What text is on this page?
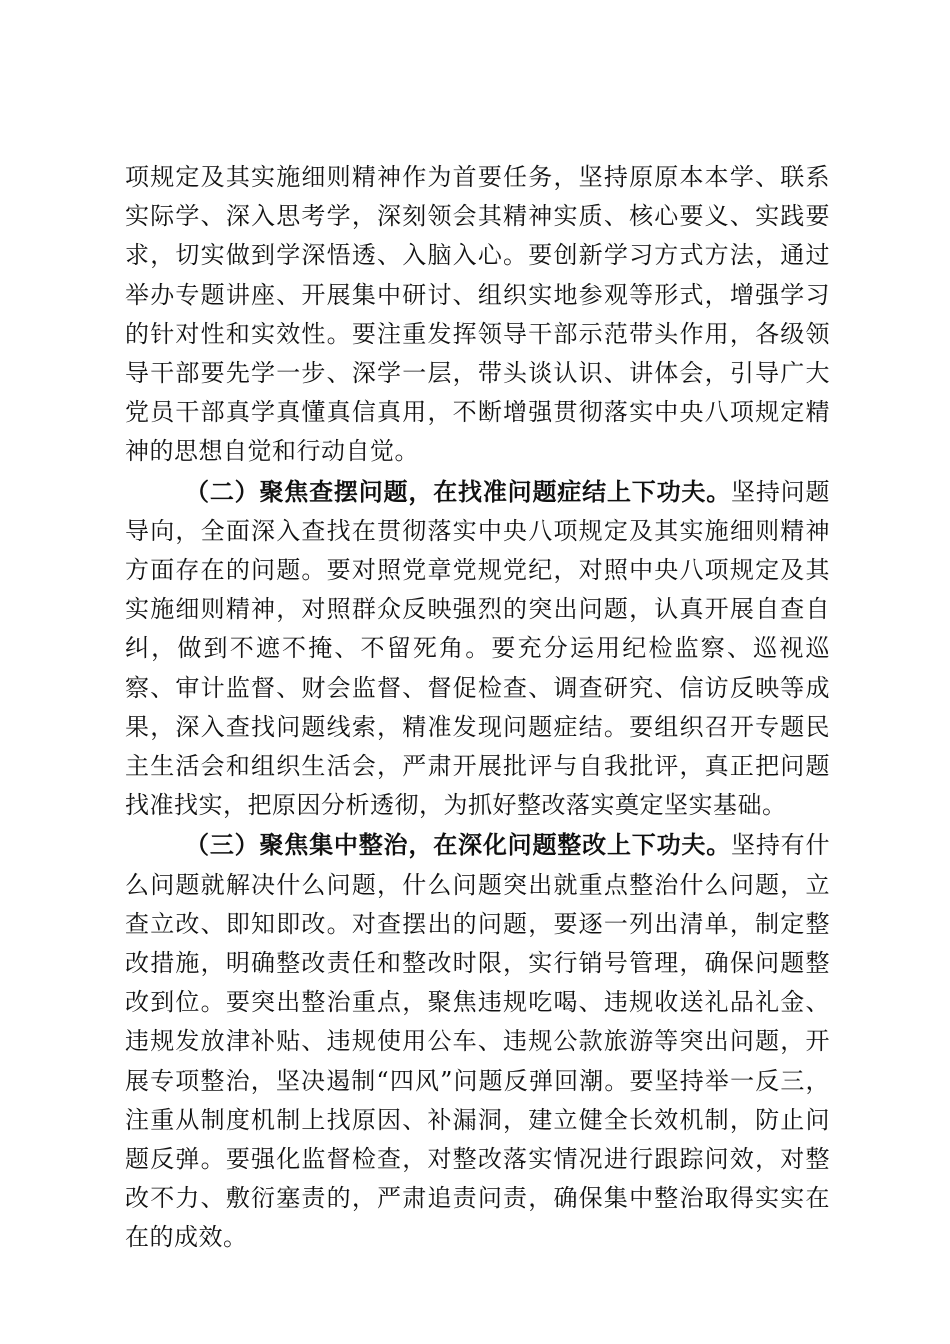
项规定及其实施细则精神作为首要任务，坚持原原本本学、联系实际学、深入思考学，深刻领会其精神实质、核心要义、实践要求，切实做到学深悟透、入脑入心。要创新学习方式方法，通过举办专题讲座、开展集中研讨、组织实地参观等形式，增强学习的针对性和实效性。要注重发挥领导干部示范带头作用，各级领导干部要先学一步、深学一层，带头谈认识、讲体会，引导广大党员干部真学真懂真信真用，不断增强贯彻落实中央八项规定精神的思想自觉和行动自觉。

（二）聚焦查摆问题，在找准问题症结上下功夫。坚持问题导向，全面深入查找在贯彻落实中央八项规定及其实施细则精神方面存在的问题。要对照党章党规党纪，对照中央八项规定及其实施细则精神，对照群众反映强烈的突出问题，认真开展自查自纠，做到不遮不掩、不留死角。要充分运用纪检监察、巡视巡察、审计监督、财会监督、督促检查、调查研究、信访反映等成果，深入查找问题线索，精准发现问题症结。要组织召开专题民主生活会和组织生活会，严肃开展批评与自我批评，真正把问题找准找实，把原因分析透彻，为抓好整改落实奠定坚实基础。

（三）聚焦集中整治，在深化问题整改上下功夫。坚持有什么问题就解决什么问题，什么问题突出就重点整治什么问题，立查立改、即知即改。对查摆出的问题，要逐一列出清单，制定整改措施，明确整改责任和整改时限，实行销号管理，确保问题整改到位。要突出整治重点，聚焦违规吃喝、违规收送礼品礼金、违规发放津补贴、违规使用公车、违规公款旅游等突出问题，开展专项整治，坚决遏制“四风”问题反弹回潮。要坚持举一反三，注重从制度机制上找原因、补漏洞，建立健全长效机制，防止问题反弹。要强化监督检查，对整改落实情况进行跟踪问效，对整改不力、敷衍塞责的，严肃追责问责，确保集中整治取得实实在在的成效。
